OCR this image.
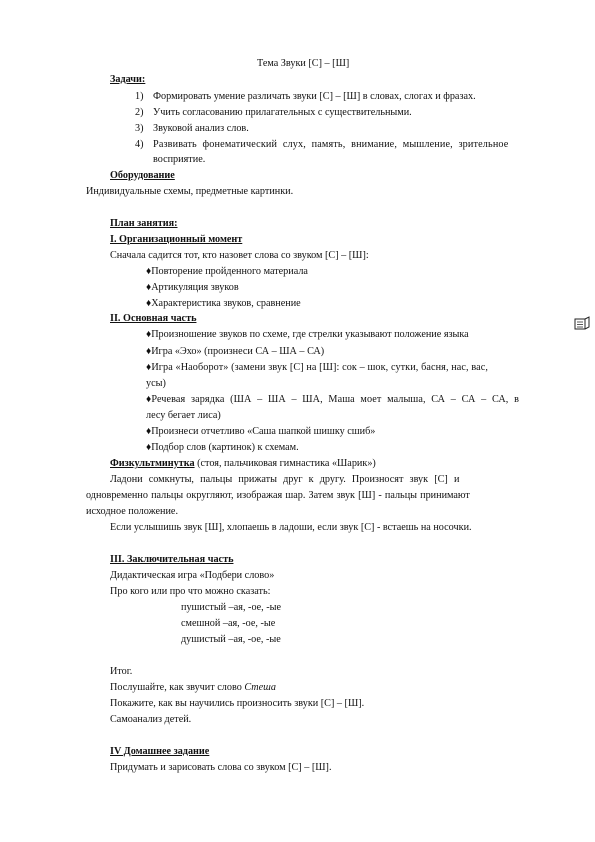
Тема Звуки [С] – [Ш]
Задачи:
1) Формировать умение различать звуки [С] – [Ш] в словах, слогах и фразах.
2) Учить согласованию прилагательных с существительными.
3) Звуковой анализ слов.
4) Развивать фонематический слух, память, внимание, мышление, зрительное
восприятие.
Оборудование
Индивидуальные схемы, предметные картинки.
План занятия:
I. Организационный момент
Сначала садится тот, кто назовет слова со звуком [С] – [Ш]:
♦Повторение пройденного материала
♦Артикуляция звуков
♦Характеристика звуков, сравнение
II. Основная часть
♦Произношение звуков по схеме, где стрелки указывают положение языка
♦Игра «Эхо» (произнеси СА – ША – СА)
♦Игра «Наоборот» (замени звук [С] на [Ш]: сок – шок, сутки, басня, нас, вас,
усы)
♦Речевая зарядка (ША – ША – ША, Маша моет малыша, СА – СА – СА, в
лесу бегает лиса)
♦Произнеси отчетливо «Саша шапкой шишку сшиб»
♦Подбор слов (картинок) к схемам.
Физкультминутка (стоя, пальчиковая гимнастика «Шарик»)
Ладони сомкнуты, пальцы прижаты друг к другу. Произносят звук [С] и
одновременно пальцы округляют, изображая шар. Затем звук [Ш] - пальцы принимают
исходное положение.
Если услышишь звук [Ш], хлопаешь в ладоши, если звук [С] - встаешь на носочки.
III. Заключительная часть
Дидактическая игра «Подбери слово»
Про кого или про что можно сказать:
пушистый –ая, -ое, -ые
смешной –ая, -ое, -ые
душистый –ая, -ое, -ые
Итог.
Послушайте, как звучит слово Стеша
Покажите, как вы научились произносить звуки [С] – [Ш].
Самоанализ детей.
IV Домашнее задание
Придумать и зарисовать слова со звуком [С] – [Ш].
